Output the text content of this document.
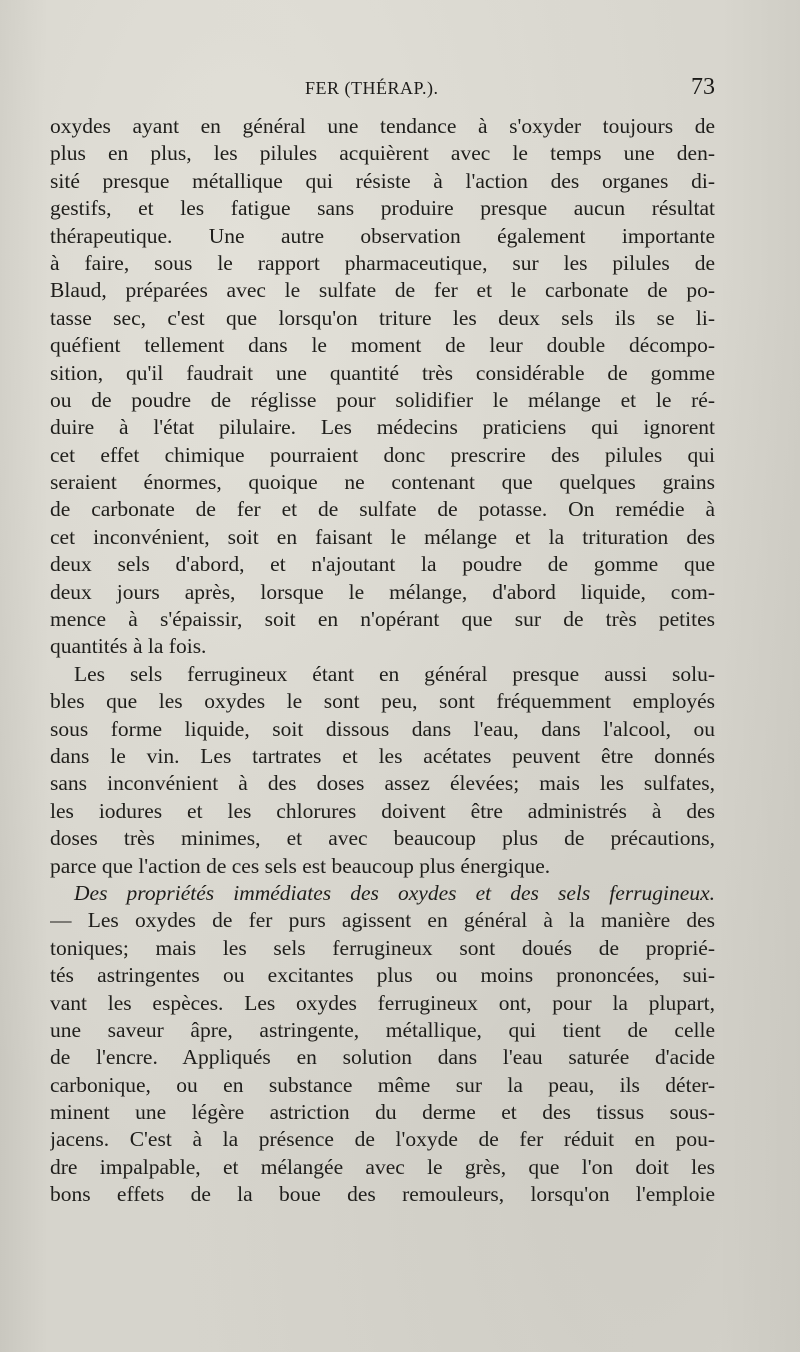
FER (THÉRAP.).	73
oxydes ayant en général une tendance à s'oxyder toujours de
plus en plus, les pilules acquièrent avec le temps une den-
sité presque métallique qui résiste à l'action des organes di-
gestifs, et les fatigue sans produire presque aucun résultat
thérapeutique. Une autre observation également importante
à faire, sous le rapport pharmaceutique, sur les pilules de
Blaud, préparées avec le sulfate de fer et le carbonate de po-
tasse sec, c'est que lorsqu'on triture les deux sels ils se li-
quéfient tellement dans le moment de leur double décompo-
sition, qu'il faudrait une quantité très considérable de gomme
ou de poudre de réglisse pour solidifier le mélange et le ré-
duire à l'état pilulaire. Les médecins praticiens qui ignorent
cet effet chimique pourraient donc prescrire des pilules qui
seraient énormes, quoique ne contenant que quelques grains
de carbonate de fer et de sulfate de potasse. On remédie à
cet inconvénient, soit en faisant le mélange et la trituration des
deux sels d'abord, et n'ajoutant la poudre de gomme que
deux jours après, lorsque le mélange, d'abord liquide, com-
mence à s'épaissir, soit en n'opérant que sur de très petites
quantités à la fois.
Les sels ferrugineux étant en général presque aussi solu-
bles que les oxydes le sont peu, sont fréquemment employés
sous forme liquide, soit dissous dans l'eau, dans l'alcool, ou
dans le vin. Les tartrates et les acétates peuvent être donnés
sans inconvénient à des doses assez élevées; mais les sulfates,
les iodures et les chlorures doivent être administrés à des
doses très minimes, et avec beaucoup plus de précautions,
parce que l'action de ces sels est beaucoup plus énergique.
Des propriétés immédiates des oxydes et des sels ferrugineux.
— Les oxydes de fer purs agissent en général à la manière des
toniques; mais les sels ferrugineux sont doués de proprié-
tés astringentes ou excitantes plus ou moins prononcées, sui-
vant les espèces. Les oxydes ferrugineux ont, pour la plupart,
une saveur âpre, astringente, métallique, qui tient de celle
de l'encre. Appliqués en solution dans l'eau saturée d'acide
carbonique, ou en substance même sur la peau, ils déter-
minent une légère astriction du derme et des tissus sous-
jacens. C'est à la présence de l'oxyde de fer réduit en pou-
dre impalpable, et mélangée avec le grès, que l'on doit les
bons effets de la boue des remouleurs, lorsqu'on l'emploie
